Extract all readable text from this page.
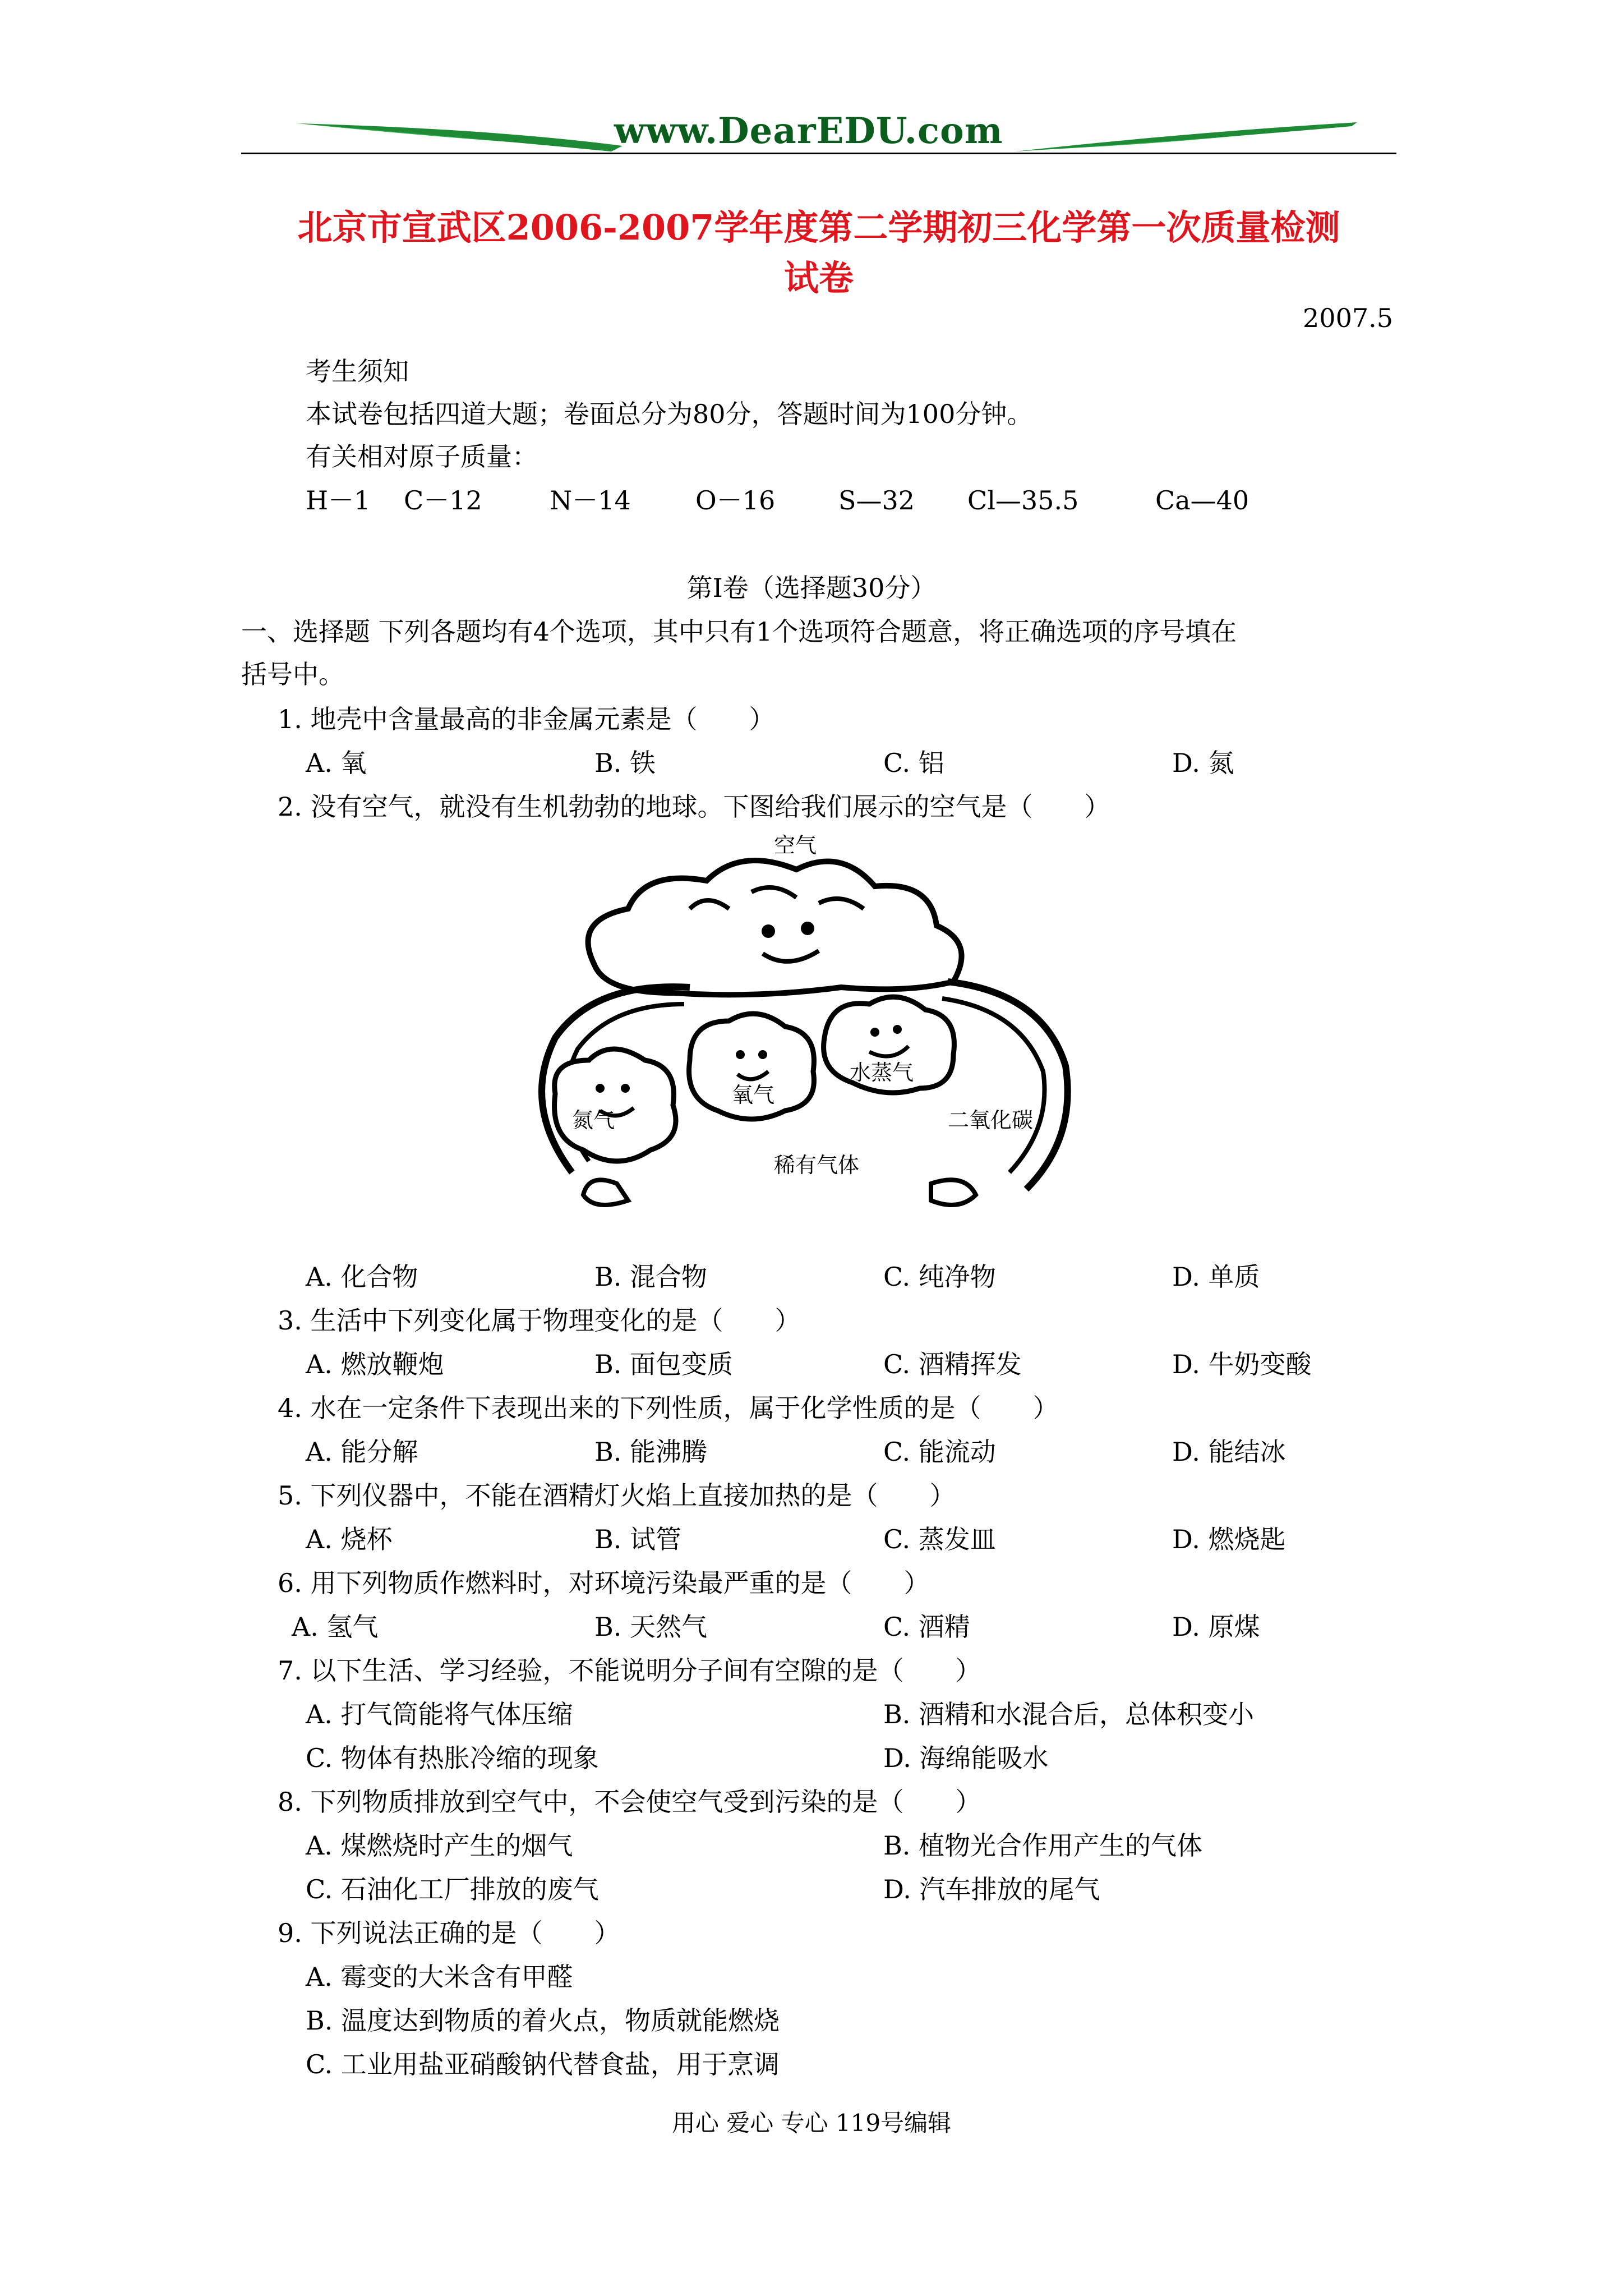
www.DearEDU.com
北京市宣武区2006-2007学年度第二学期初三化学第一次质量检测
试卷
2007.5
考生须知
本试卷包括四道大题；卷面总分为80分，答题时间为100分钟。
有关相对原子质量：
H－1 C－12	N－14	O－16 S—32 Cl—35.5	Ca—40
第Ⅰ卷（选择题30分）
一、选择题 下列各题均有4个选项，其中只有1个选项符合题意，将正确选项的序号填在
括号中。
1. 地壳中含量最高的非金属元素是（　　）
A. 氧	B. 铁	C. 铝	D. 氮
2. 没有空气，就没有生机勃勃的地球。下图给我们展示的空气是（　　）
空气
氮气
氧气
水蒸气
二氧化碳
稀有气体
A. 化合物	B. 混合物	C. 纯净物	D. 单质
3. 生活中下列变化属于物理变化的是（　　）
A. 燃放鞭炮	B. 面包变质	C. 酒精挥发	D. 牛奶变酸
4. 水在一定条件下表现出来的下列性质，属于化学性质的是（　　）
A. 能分解	B. 能沸腾	C. 能流动	D. 能结冰
5. 下列仪器中，不能在酒精灯火焰上直接加热的是（　　）
A. 烧杯	B. 试管	C. 蒸发皿	D. 燃烧匙
6. 用下列物质作燃料时，对环境污染最严重的是（　　）
A. 氢气	B. 天然气	C. 酒精	D. 原煤
7. 以下生活、学习经验，不能说明分子间有空隙的是（　　）
A. 打气筒能将气体压缩	B. 酒精和水混合后，总体积变小
C. 物体有热胀冷缩的现象	D. 海绵能吸水
8. 下列物质排放到空气中，不会使空气受到污染的是（　　）
A. 煤燃烧时产生的烟气	B. 植物光合作用产生的气体
C. 石油化工厂排放的废气	D. 汽车排放的尾气
9. 下列说法正确的是（　　）
A. 霉变的大米含有甲醛
B. 温度达到物质的着火点，物质就能燃烧
C. 工业用盐亚硝酸钠代替食盐，用于烹调
用心 爱心 专心 119号编辑
